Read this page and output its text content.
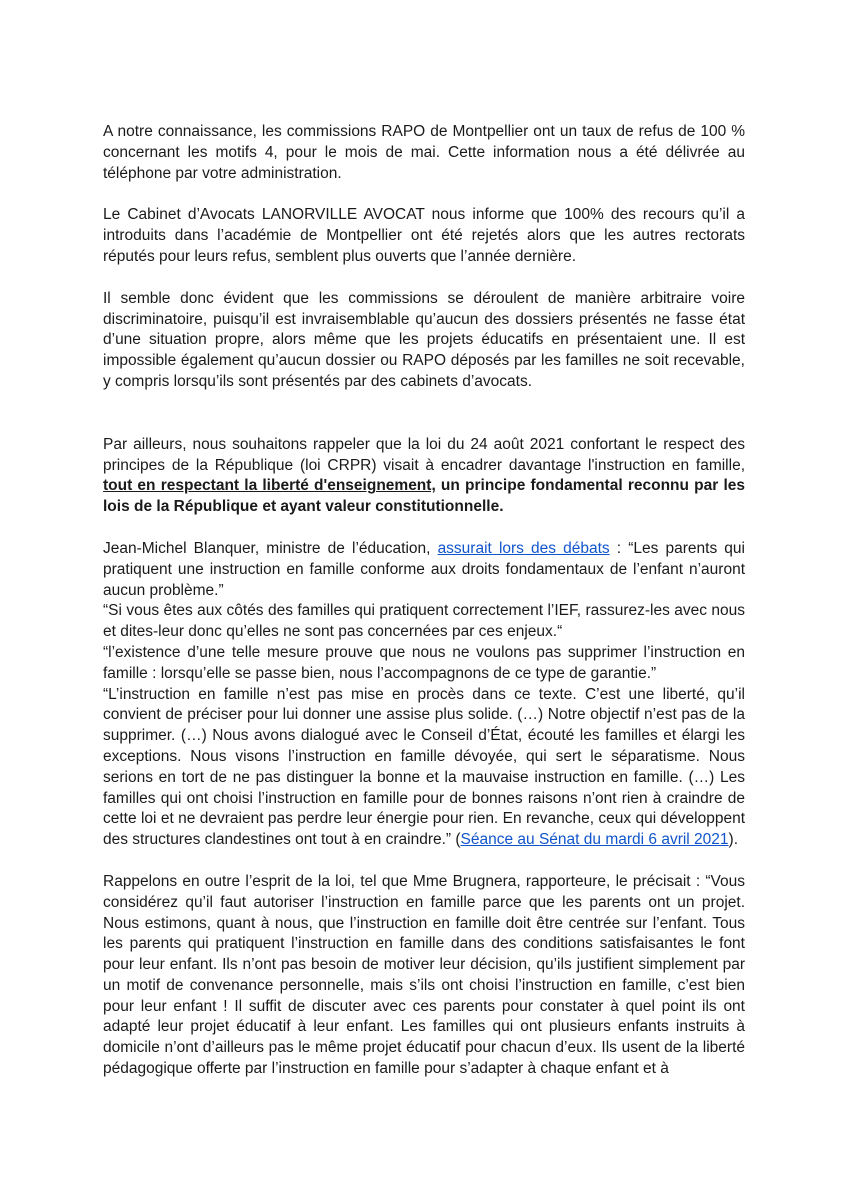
A notre connaissance, les commissions RAPO de Montpellier ont un taux de refus de 100 % concernant les motifs 4, pour le mois de mai. Cette information nous a été délivrée au téléphone par votre administration.

Le Cabinet d’Avocats LANORVILLE AVOCAT nous informe que 100% des recours qu’il a introduits dans l’académie de Montpellier ont été rejetés alors que les autres rectorats réputés pour leurs refus, semblent plus ouverts que l’année dernière.

Il semble donc évident que les commissions se déroulent de manière arbitraire voire discriminatoire, puisqu’il est invraisemblable qu’aucun des dossiers présentés ne fasse état d’une situation propre, alors même que les projets éducatifs en présentaient une. Il est impossible également qu’aucun dossier ou RAPO déposés par les familles ne soit recevable, y compris lorsqu’ils sont présentés par des cabinets d’avocats.

Par ailleurs, nous souhaitons rappeler que la loi du 24 août 2021 confortant le respect des principes de la République (loi CRPR) visait à encadrer davantage l'instruction en famille, tout en respectant la liberté d'enseignement, un principe fondamental reconnu par les lois de la République et ayant valeur constitutionnelle.

Jean-Michel Blanquer, ministre de l’éducation, assurait lors des débats : “Les parents qui pratiquent une instruction en famille conforme aux droits fondamentaux de l’enfant n’auront aucun problème.”

“Si vous êtes aux côtés des familles qui pratiquent correctement l’IEF, rassurez-les avec nous et dites-leur donc qu’elles ne sont pas concernées par ces enjeux.“

“l’existence d’une telle mesure prouve que nous ne voulons pas supprimer l’instruction en famille : lorsqu’elle se passe bien, nous l’accompagnons de ce type de garantie.”

“L’instruction en famille n’est pas mise en procès dans ce texte. C’est une liberté, qu’il convient de préciser pour lui donner une assise plus solide. (…) Notre objectif n’est pas de la supprimer. (…) Nous avons dialogué avec le Conseil d’État, écouté les familles et élargi les exceptions. Nous visons l’instruction en famille dévoyée, qui sert le séparatisme. Nous serions en tort de ne pas distinguer la bonne et la mauvaise instruction en famille. (…) Les familles qui ont choisi l’instruction en famille pour de bonnes raisons n’ont rien à craindre de cette loi et ne devraient pas perdre leur énergie pour rien. En revanche, ceux qui développent des structures clandestines ont tout à en craindre.” (Séance au Sénat du mardi 6 avril 2021).

Rappelons en outre l’esprit de la loi, tel que Mme Brugnera, rapporteure, le précisait : “Vous considérez qu’il faut autoriser l’instruction en famille parce que les parents ont un projet. Nous estimons, quant à nous, que l’instruction en famille doit être centrée sur l’enfant. Tous les parents qui pratiquent l’instruction en famille dans des conditions satisfaisantes le font pour leur enfant. Ils n’ont pas besoin de motiver leur décision, qu’ils justifient simplement par un motif de convenance personnelle, mais s’ils ont choisi l’instruction en famille, c’est bien pour leur enfant ! Il suffit de discuter avec ces parents pour constater à quel point ils ont adapté leur projet éducatif à leur enfant. Les familles qui ont plusieurs enfants instruits à domicile n’ont d’ailleurs pas le même projet éducatif pour chacun d’eux. Ils usent de la liberté pédagogique offerte par l’instruction en famille pour s’adapter à chaque enfant et à
